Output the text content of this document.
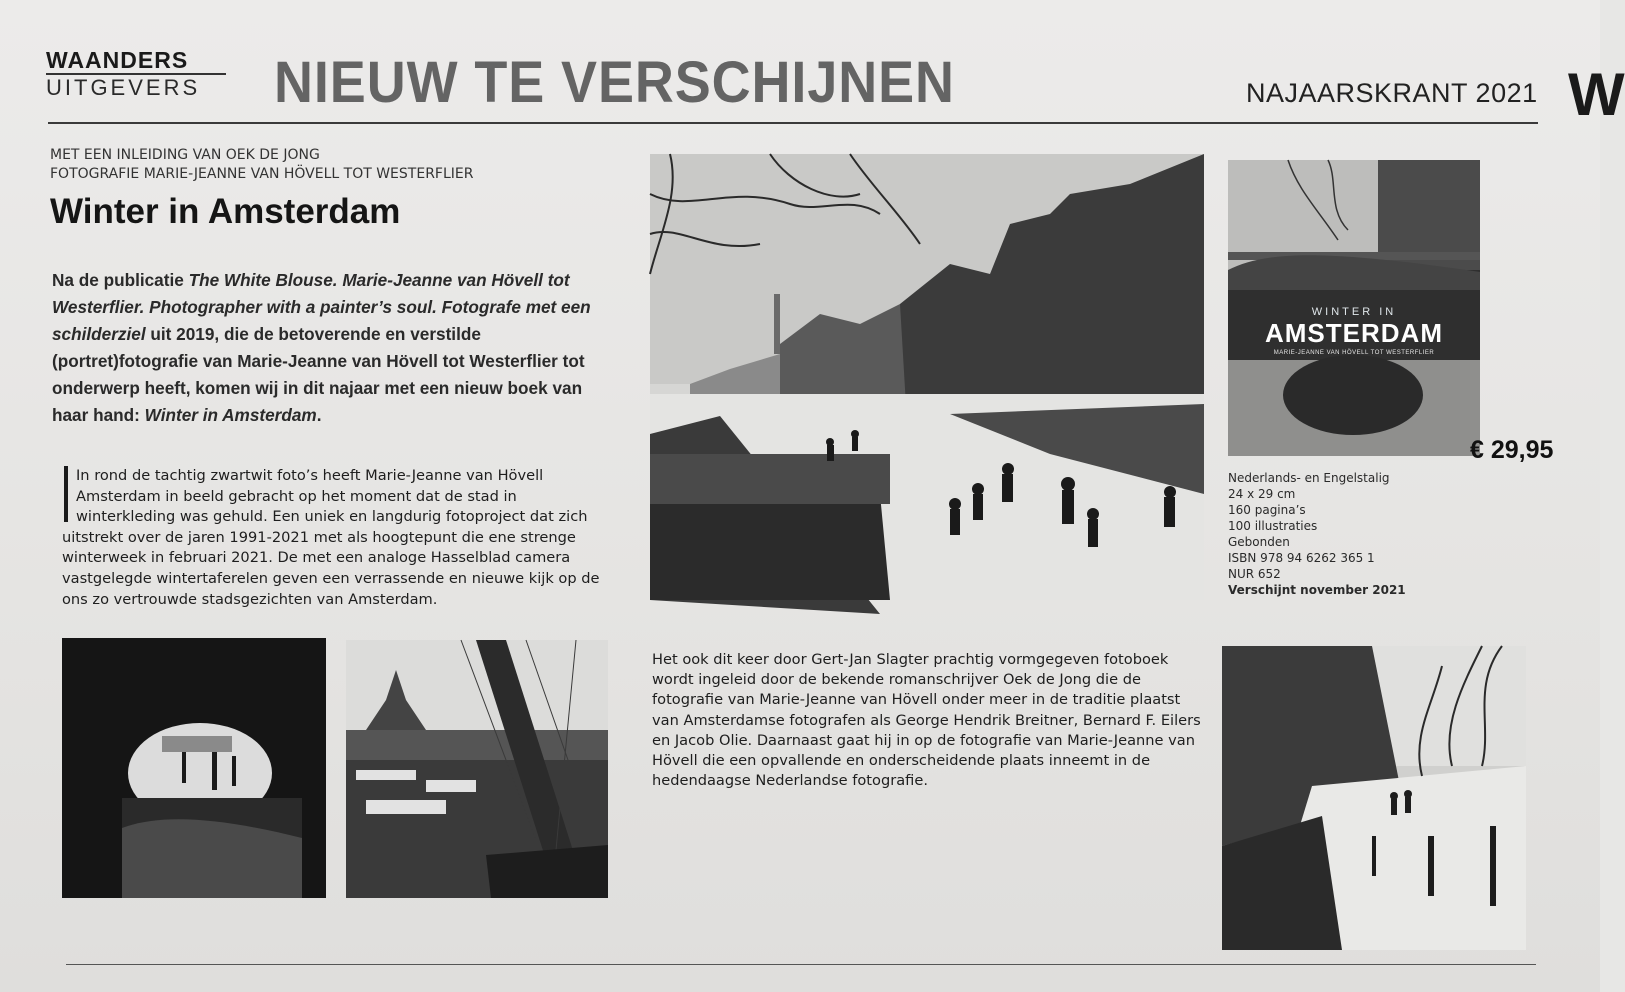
WAANDERS
UITGEVERS	NIEUW TE VERSCHIJNEN	NAJAARSKRANT 2021 W
MET EEN INLEIDING VAN OEK DE JONG
FOTOGRAFIE MARIE-JEANNE VAN HÖVELL TOT WESTERFLIER
Winter in Amsterdam
Na de publicatie The White Blouse. Marie-Jeanne van Hövell tot Westerflier. Photographer with a painter’s soul. Fotografe met een schilderziel uit 2019, die de betoverende en verstilde (portret)fotografie van Marie-Jeanne van Hövell tot Westerflier tot onderwerp heeft, komen wij in dit najaar met een nieuw boek van haar hand: Winter in Amsterdam.
In rond de tachtig zwartwit foto’s heeft Marie-Jeanne van Hövell
Amsterdam in beeld gebracht op het moment dat de stad in
winterkleding was gehuld. Een uniek en langdurig fotoproject dat zich uitstrekt over de jaren 1991-2021 met als hoogtepunt die ene strenge winterweek in februari 2021. De met een analoge Hasselblad camera vastgelegde wintertaferelen geven een verrassende en nieuwe kijk op de ons zo vertrouwde stadsgezichten van Amsterdam.
WINTER IN
AMSTERDAM
MARIE-JEANNE VAN HÖVELL TOT WESTERFLIER
€ 29,95
Nederlands- en Engelstalig
24 x 29 cm
160 pagina’s
100 illustraties
Gebonden
ISBN 978 94 6262 365 1
NUR 652
Verschijnt november 2021
Het ook dit keer door Gert-Jan Slagter prachtig vormgegeven fotoboek wordt ingeleid door de bekende romanschrijver Oek de Jong die de fotografie van Marie-Jeanne van Hövell onder meer in de traditie plaatst van Amsterdamse fotografen als George Hendrik Breitner, Bernard F. Eilers en Jacob Olie. Daarnaast gaat hij in op de fotografie van Marie-Jeanne van Hövell die een opvallende en onderscheidende plaats inneemt in de hedendaagse Nederlandse fotografie.
